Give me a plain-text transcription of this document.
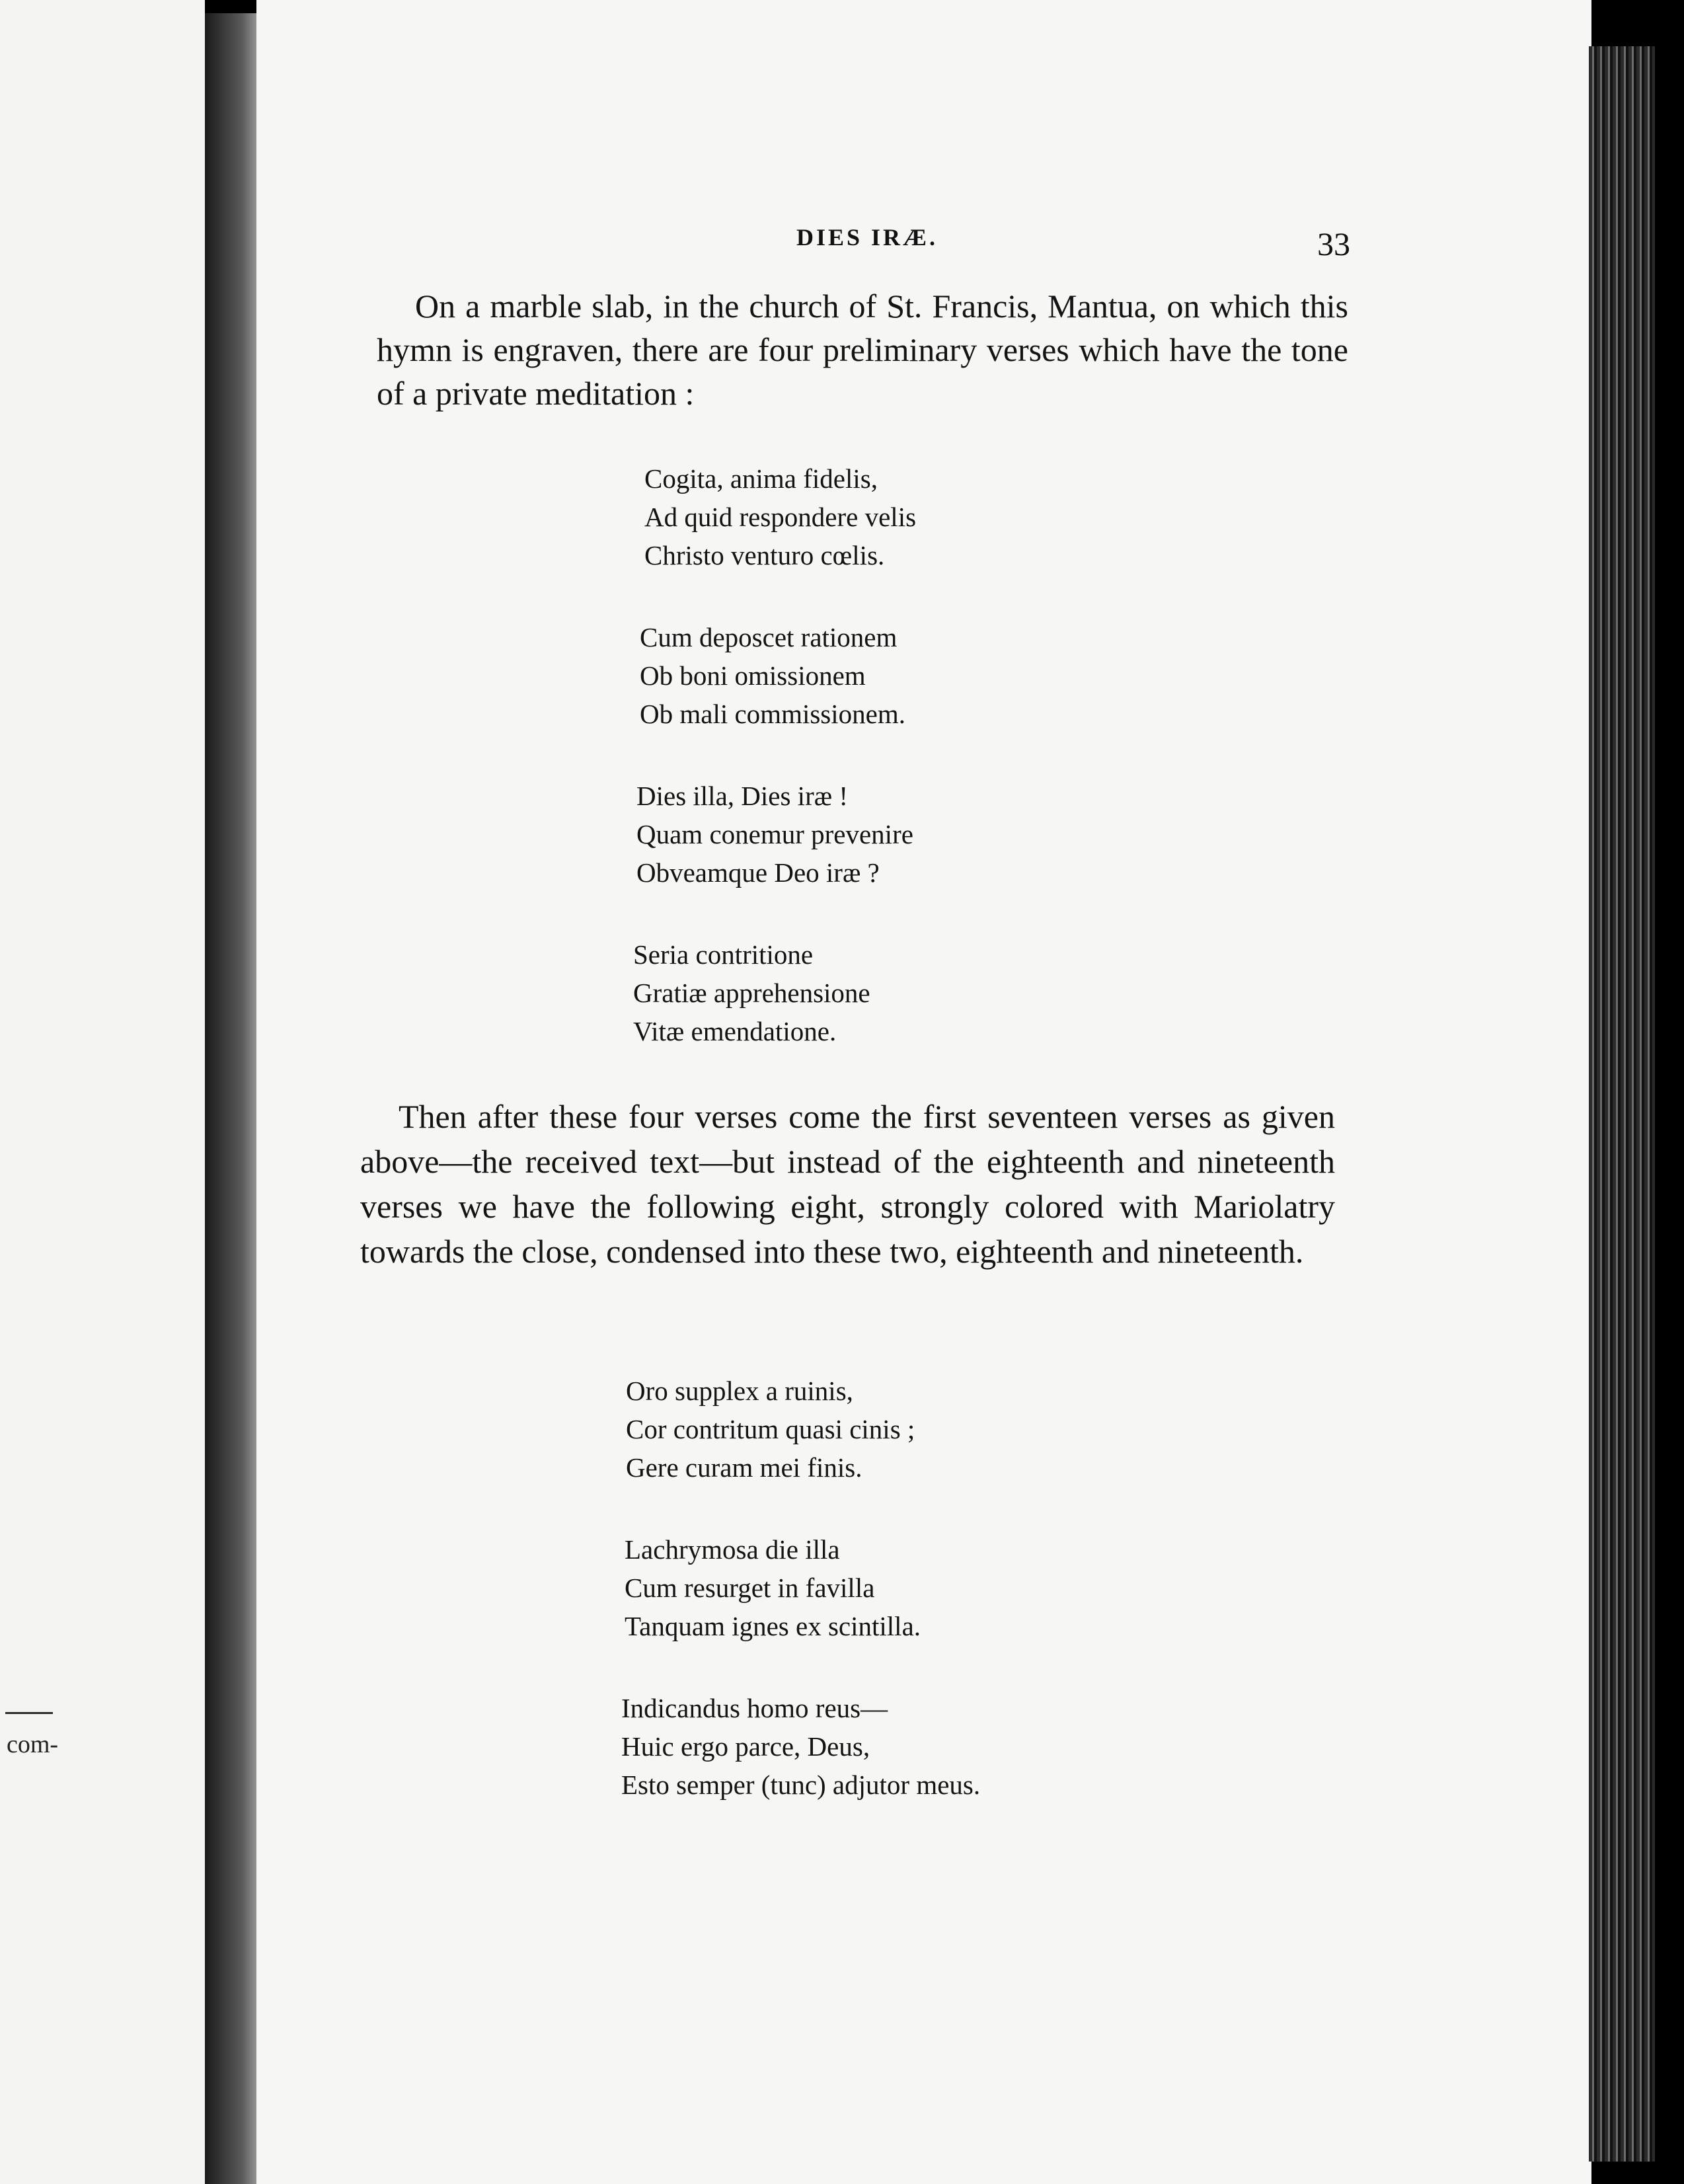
com-
DIES IRÆ.	33

On a marble slab, in the church of St. Francis, Mantua, on which this hymn is engraven, there are four preliminary verses which have the tone of a private meditation :

Cogita, anima fidelis,
Ad quid respondere velis
Christo venturo cœlis.
Cum deposcet rationem
Ob boni omissionem
Ob mali commissionem.
Dies illa, Dies iræ !
Quam conemur prevenire
Obveamque Deo iræ ?
Seria contritione
Gratiæ apprehensione
Vitæ emendatione.

Then after these four verses come the first seventeen verses as given above—the received text—but instead of the eighteenth and nineteenth verses we have the following eight, strongly colored with Mariolatry towards the close, condensed into these two, eighteenth and nineteenth.

Oro supplex a ruinis,
Cor contritum quasi cinis ;
Gere curam mei finis.
Lachrymosa die illa
Cum resurget in favilla
Tanquam ignes ex scintilla.
Indicandus homo reus—
Huic ergo parce, Deus,
Esto semper (tunc) adjutor meus.
